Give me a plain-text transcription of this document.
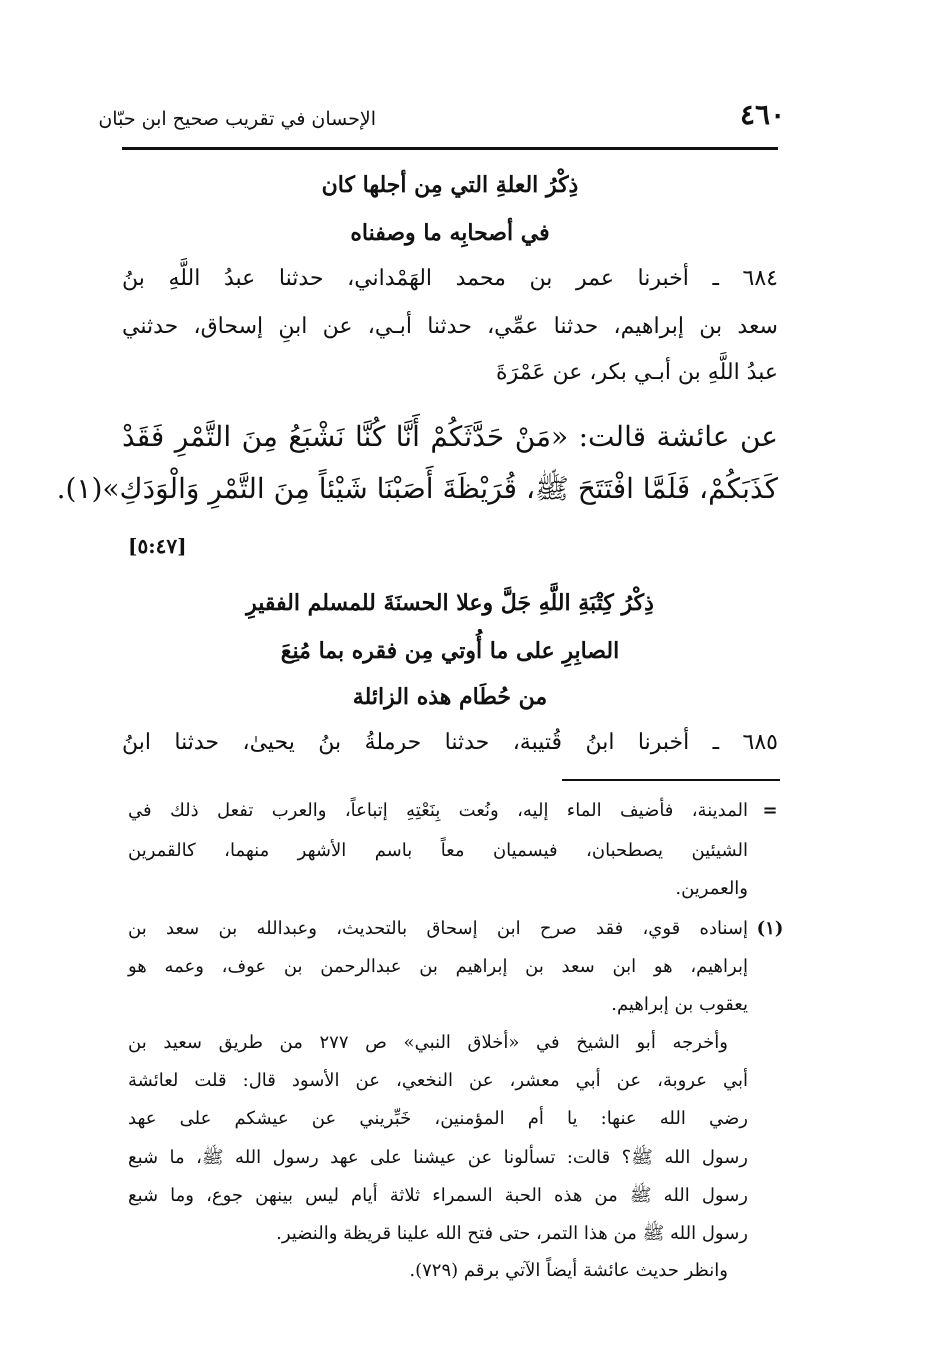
٤٦٠
الإحسان في تقريب صحيح ابن حبّان
ذِكْرُ العلةِ التي مِن أجلها كان
في أصحابِه ما وصفناه
٦٨٤ ـ أخبرنا عمر بن محمد الهَمْداني، حدثنا عبدُ اللَّهِ بنُ
سعد بن إبراهيم، حدثنا عمِّي، حدثنا أبـي، عن ابنِ إسحاق، حدثني
عبدُ اللَّهِ بن أبـي بكر، عن عَمْرَةَ
عن عائشة قالت: «مَنْ حَدَّثَكُمْ أَنَّا كُنَّا نَشْبَعُ مِنَ التَّمْرِ فَقَدْ
كَذَبَكُمْ، فَلَمَّا افْتَتَحَ ﷺ، قُرَيْظَةَ أَصَبْنَا شَيْئاً مِنَ التَّمْرِ وَالْوَدَكِ»(١).
[٥:٤٧]
ذِكْرُ كِتْبَةِ اللَّهِ جَلَّ وعلا الحسنَةَ للمسلم الفقيرِ
الصابِرِ على ما أُوتي مِن فقره بما مُنِعَ
من حُطَام هذه الزائلة
٦٨٥ ـ أخبرنا ابنُ قُتيبة، حدثنا حرملةُ بنُ يحيىٰ، حدثنا ابنُ
=
المدينة، فأضيف الماء إليه، ونُعت بِنَعْتِهِ إتباعاً، والعرب تفعل ذلك في
الشيئين يصطحبان، فيسميان معاً باسم الأشهر منهما، كالقمرين
والعمرين.
(١)
إسناده قوي، فقد صرح ابن إسحاق بالتحديث، وعبدالله بن سعد بن
إبراهيم، هو ابن سعد بن إبراهيم بن عبدالرحمن بن عوف، وعمه هو
يعقوب بن إبراهيم.
وأخرجه أبو الشيخ في «أخلاق النبي» ص ٢٧٧ من طريق سعيد بن
أبي عروبة، عن أبي معشر، عن النخعي، عن الأسود قال: قلت لعائشة
رضي الله عنها: يا أم المؤمنين، خَبِّريني عن عيشكم على عهد
رسول الله ﷺ؟ قالت: تسألونا عن عيشنا على عهد رسول الله ﷺ، ما شبع
رسول الله ﷺ من هذه الحبة السمراء ثلاثة أيام ليس بينهن جوع، وما شبع
رسول الله ﷺ من هذا التمر، حتى فتح الله علينا قريظة والنضير.
وانظر حديث عائشة أيضاً الآتي برقم (٧٢٩).
